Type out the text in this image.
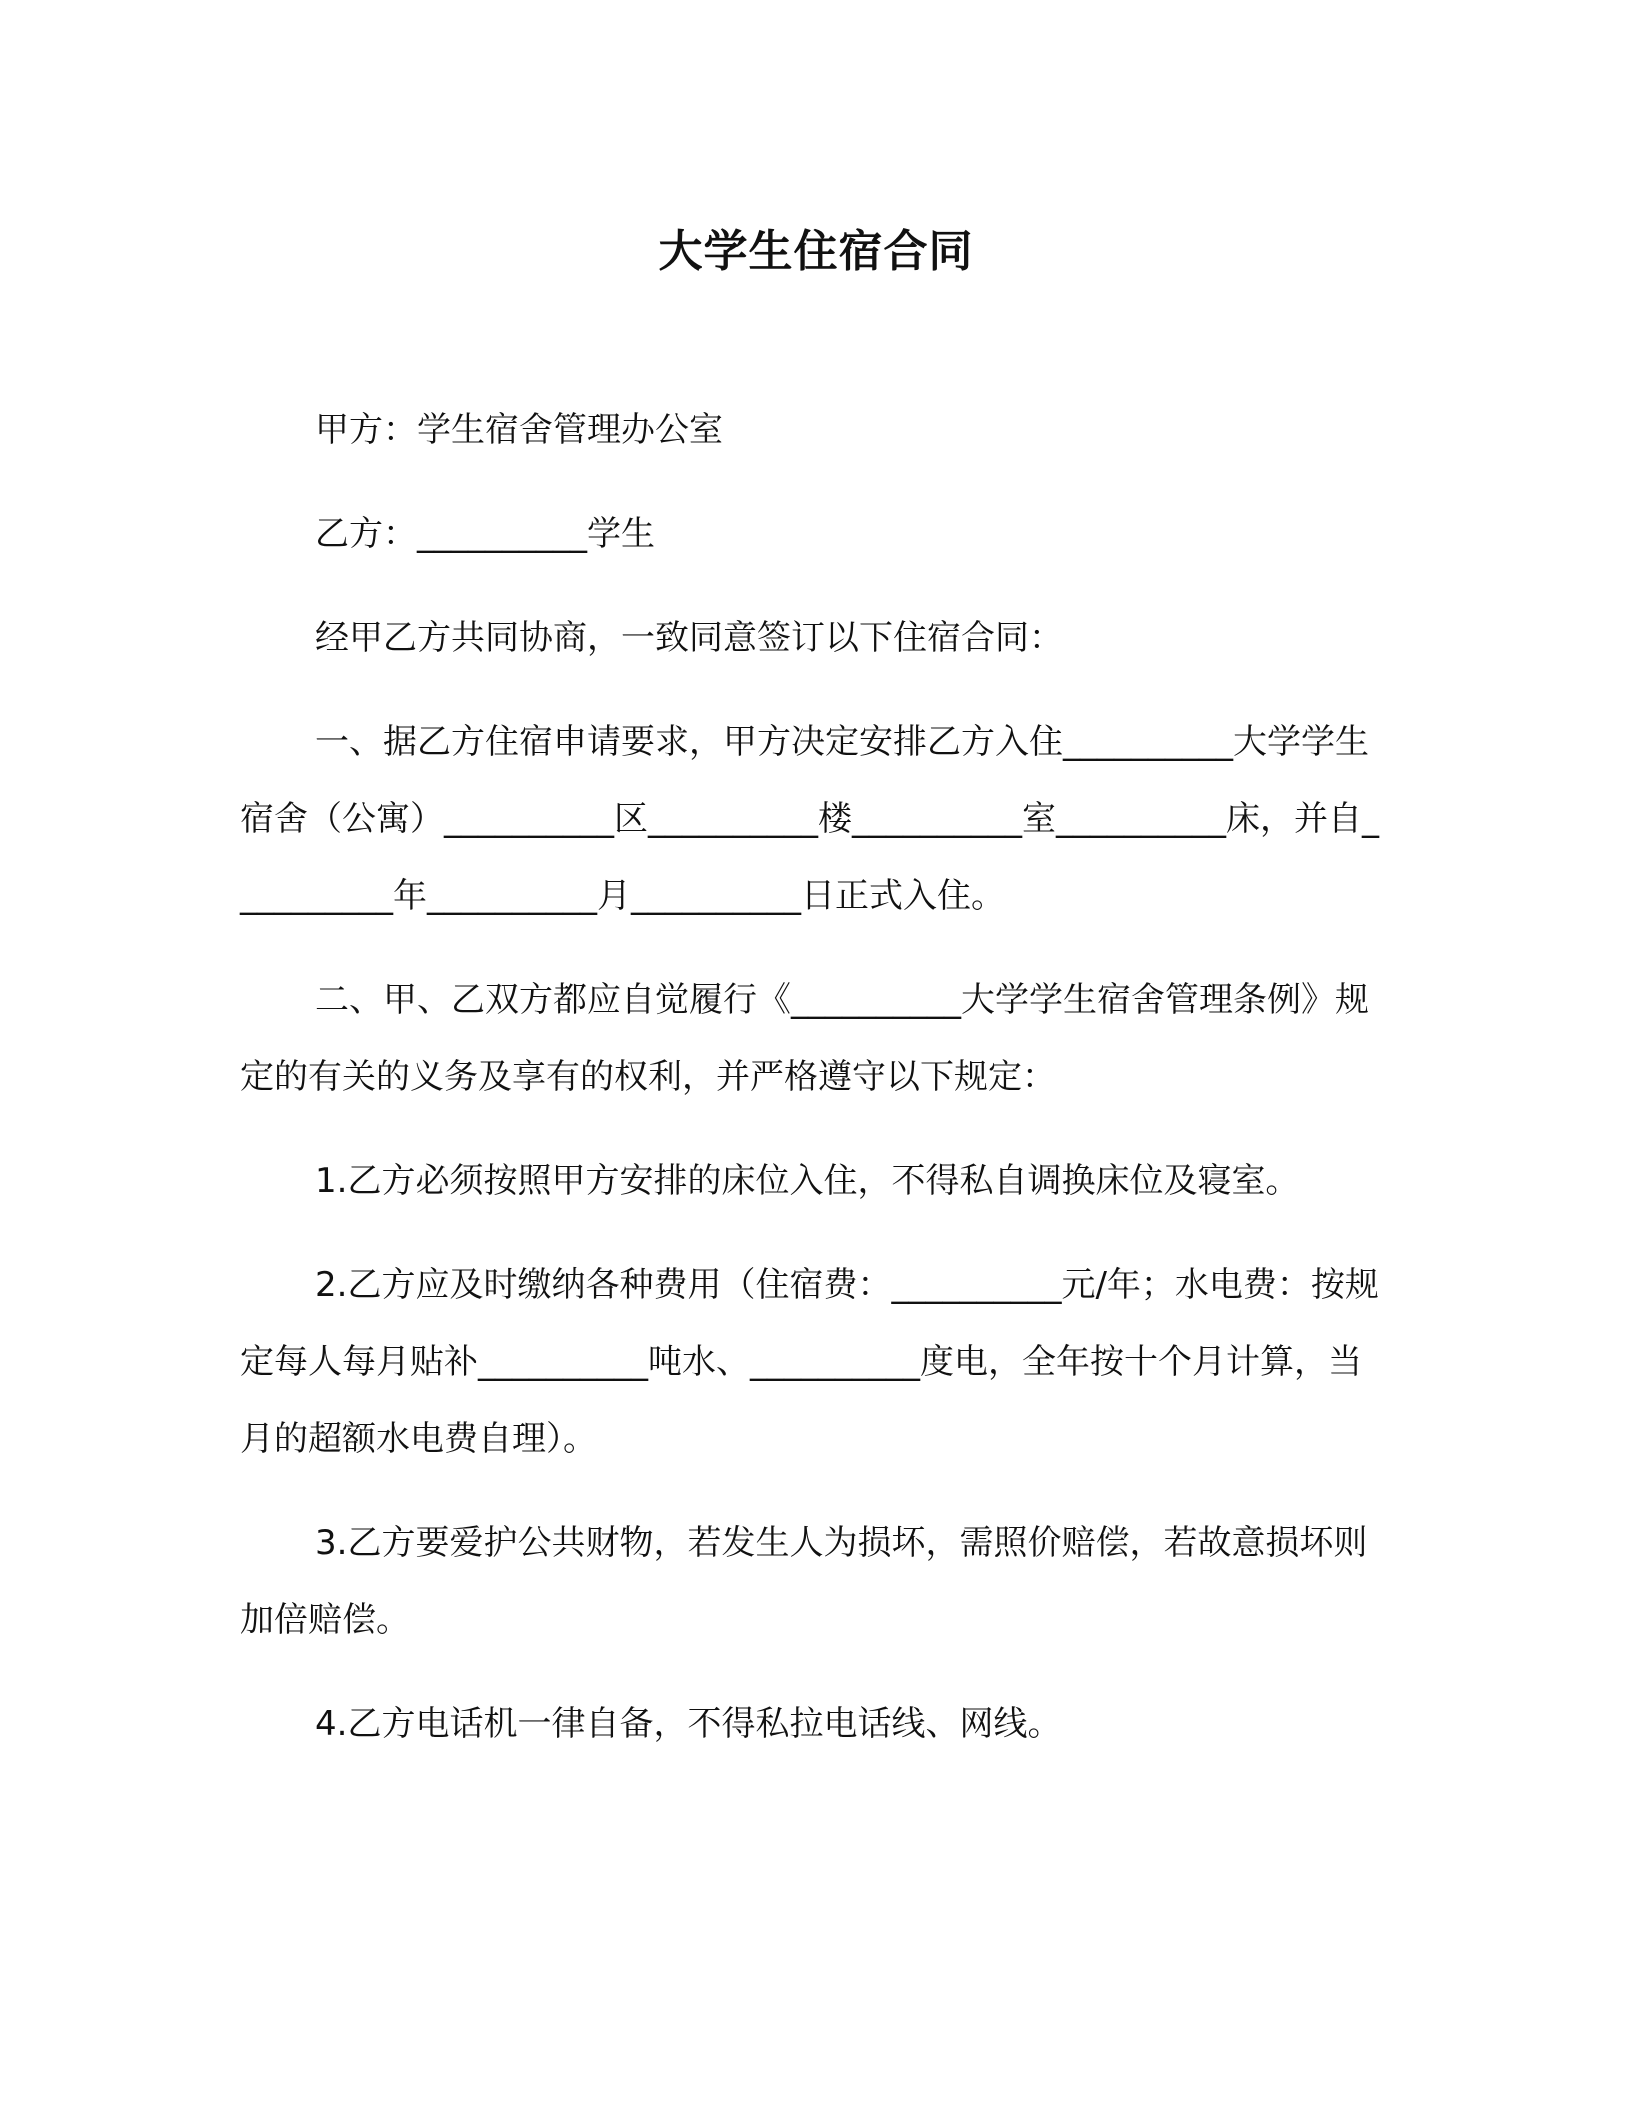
大学生住宿合同

甲方：学生宿舍管理办公室

乙方：__________学生

经甲乙方共同协商，一致同意签订以下住宿合同：

一、据乙方住宿申请要求，甲方决定安排乙方入住__________大学学生宿舍（公寓）__________区__________楼__________室__________床，并自__________年__________月__________日正式入住。

二、甲、乙双方都应自觉履行《__________大学学生宿舍管理条例》规定的有关的义务及享有的权利，并严格遵守以下规定：

1.乙方必须按照甲方安排的床位入住，不得私自调换床位及寝室。

2.乙方应及时缴纳各种费用（住宿费：__________元/年；水电费：按规定每人每月贴补__________吨水、__________度电，全年按十个月计算，当月的超额水电费自理）。

3.乙方要爱护公共财物，若发生人为损坏，需照价赔偿，若故意损坏则加倍赔偿。

4.乙方电话机一律自备，不得私拉电话线、网线。
